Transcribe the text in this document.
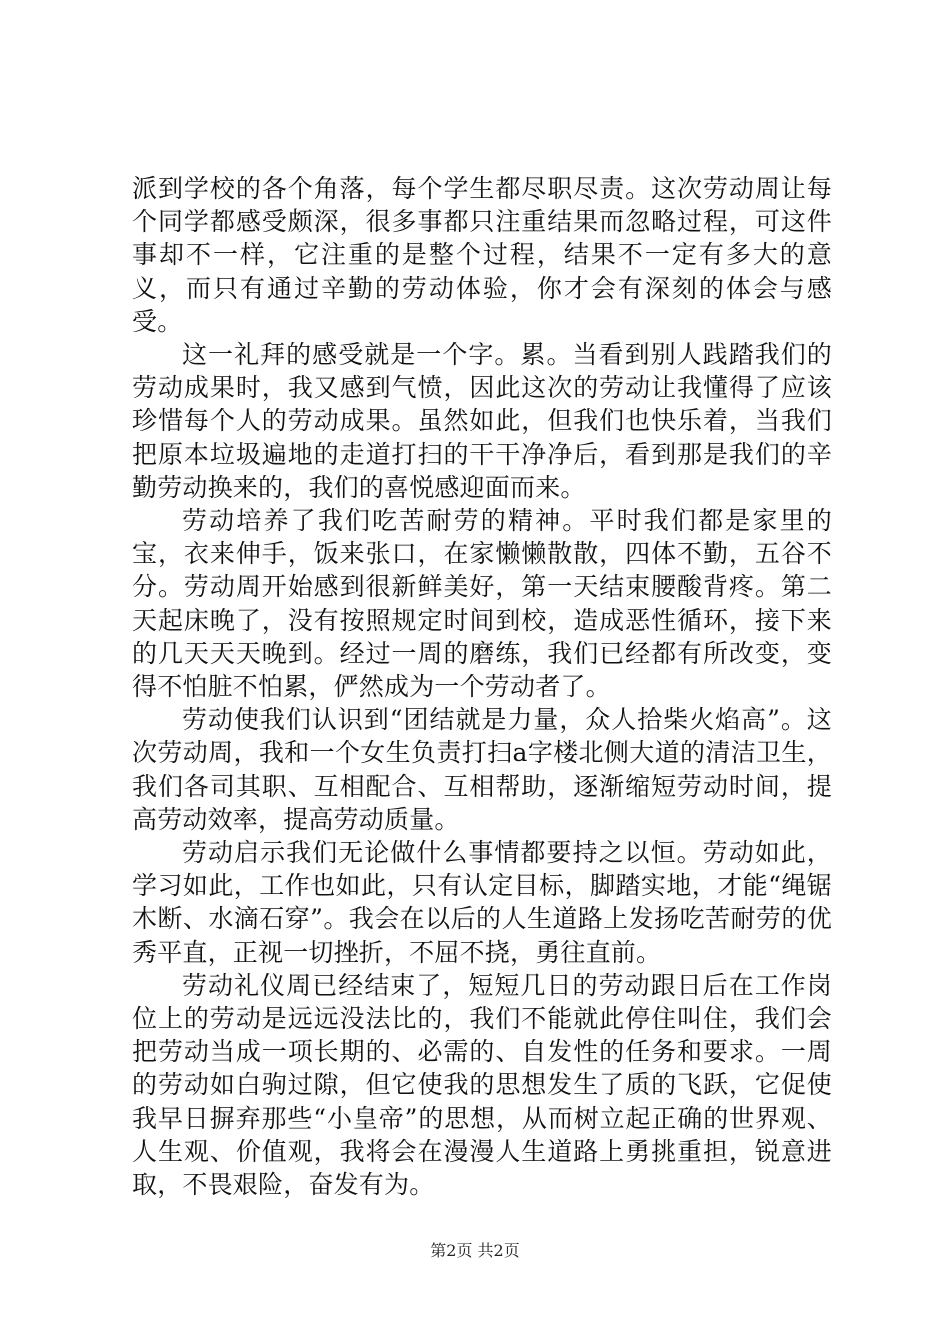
派到学校的各个角落，每个学生都尽职尽责。这次劳动周让每个同学都感受颇深，很多事都只注重结果而忽略过程，可这件事却不一样，它注重的是整个过程，结果不一定有多大的意义，而只有通过辛勤的劳动体验，你才会有深刻的体会与感受。

这一礼拜的感受就是一个字。累。当看到别人践踏我们的劳动成果时，我又感到气愤，因此这次的劳动让我懂得了应该珍惜每个人的劳动成果。虽然如此，但我们也快乐着，当我们把原本垃圾遍地的走道打扫的干干净净后，看到那是我们的辛勤劳动换来的，我们的喜悦感迎面而来。

劳动培养了我们吃苦耐劳的精神。平时我们都是家里的宝，衣来伸手，饭来张口，在家懒懒散散，四体不勤，五谷不分。劳动周开始感到很新鲜美好，第一天结束腰酸背疼。第二天起床晚了，没有按照规定时间到校，造成恶性循环，接下来的几天天天晚到。经过一周的磨练，我们已经都有所改变，变得不怕脏不怕累，俨然成为一个劳动者了。

劳动使我们认识到“团结就是力量，众人拾柴火焰高”。这次劳动周，我和一个女生负责打扫a字楼北侧大道的清洁卫生，我们各司其职、互相配合、互相帮助，逐渐缩短劳动时间，提高劳动效率，提高劳动质量。

劳动启示我们无论做什么事情都要持之以恒。劳动如此，学习如此，工作也如此，只有认定目标，脚踏实地，才能“绳锯木断、水滴石穿”。我会在以后的人生道路上发扬吃苦耐劳的优秀平直，正视一切挫折，不屈不挠，勇往直前。

劳动礼仪周已经结束了，短短几日的劳动跟日后在工作岗位上的劳动是远远没法比的，我们不能就此停住叫住，我们会把劳动当成一项长期的、必需的、自发性的任务和要求。一周的劳动如白驹过隙，但它使我的思想发生了质的飞跃，它促使我早日摒弃那些“小皇帝”的思想，从而树立起正确的世界观、人生观、价值观，我将会在漫漫人生道路上勇挑重担，锐意进取，不畏艰险，奋发有为。

第2页 共2页
